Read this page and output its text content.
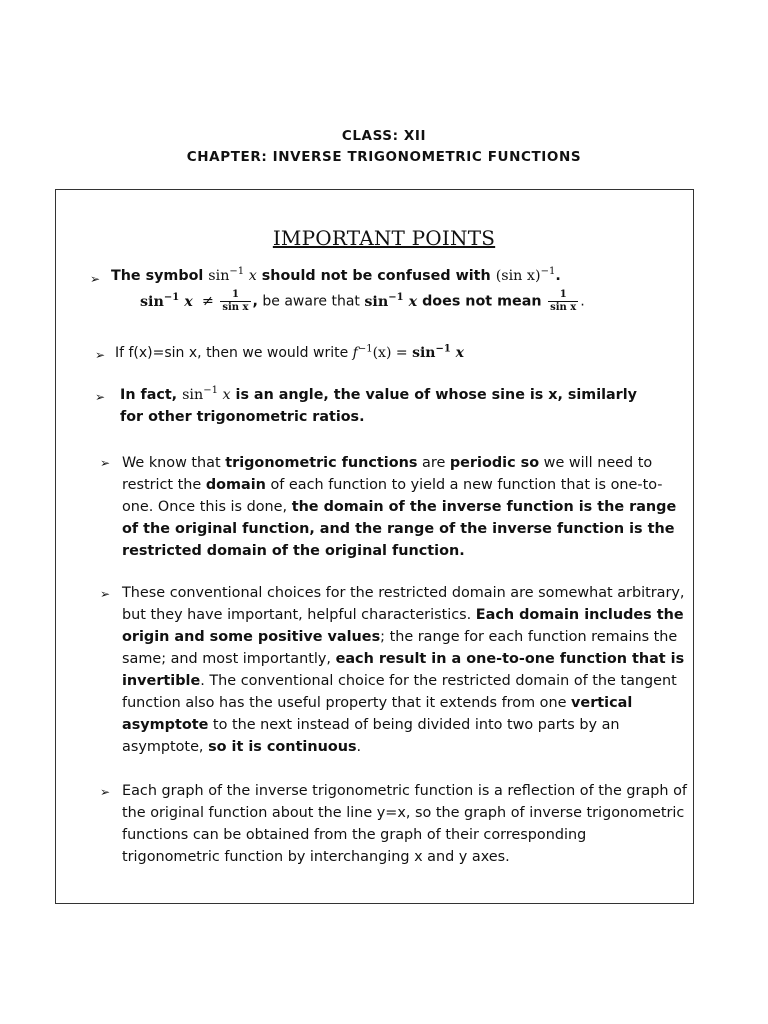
CLASS: XII
CHAPTER: INVERSE TRIGONOMETRIC FUNCTIONS
IMPORTANT POINTS
➢ The symbol $\sin^{-1} x$ should not be confused with (sin x)$^{-1}$.
$\sin^{-1} x \ne \frac{1}{\text{sin x}}$ , be aware that $\sin^{-1} x$ does not mean $\frac{1}{\text{sin x}}$ .
➢ If f(x)=sin x, then we would write $f^{-1}(x) = \sin^{-1} x$
➢ In fact, $\sin^{-1} x$ is an angle, the value of whose sine is x, similarly
for other trigonometric ratios.
➢ We know that trigonometric functions are periodic so we will need to restrict the domain of each function to yield a new function that is one-to-one. Once this is done, the domain of the inverse function is the range of the original function, and the range of the inverse function is the restricted domain of the original function.
➢ These conventional choices for the restricted domain are somewhat arbitrary, but they have important, helpful characteristics. Each domain includes the origin and some positive values; the range for each function remains the same; and most importantly, each result in a one-to-one function that is invertible. The conventional choice for the restricted domain of the tangent function also has the useful property that it extends from one vertical asymptote to the next instead of being divided into two parts by an asymptote, so it is continuous.
➢ Each graph of the inverse trigonometric function is a reflection of the graph of the original function about the line y=x, so the graph of inverse trigonometric functions can be obtained from the graph of their corresponding trigonometric function by interchanging x and y axes.
